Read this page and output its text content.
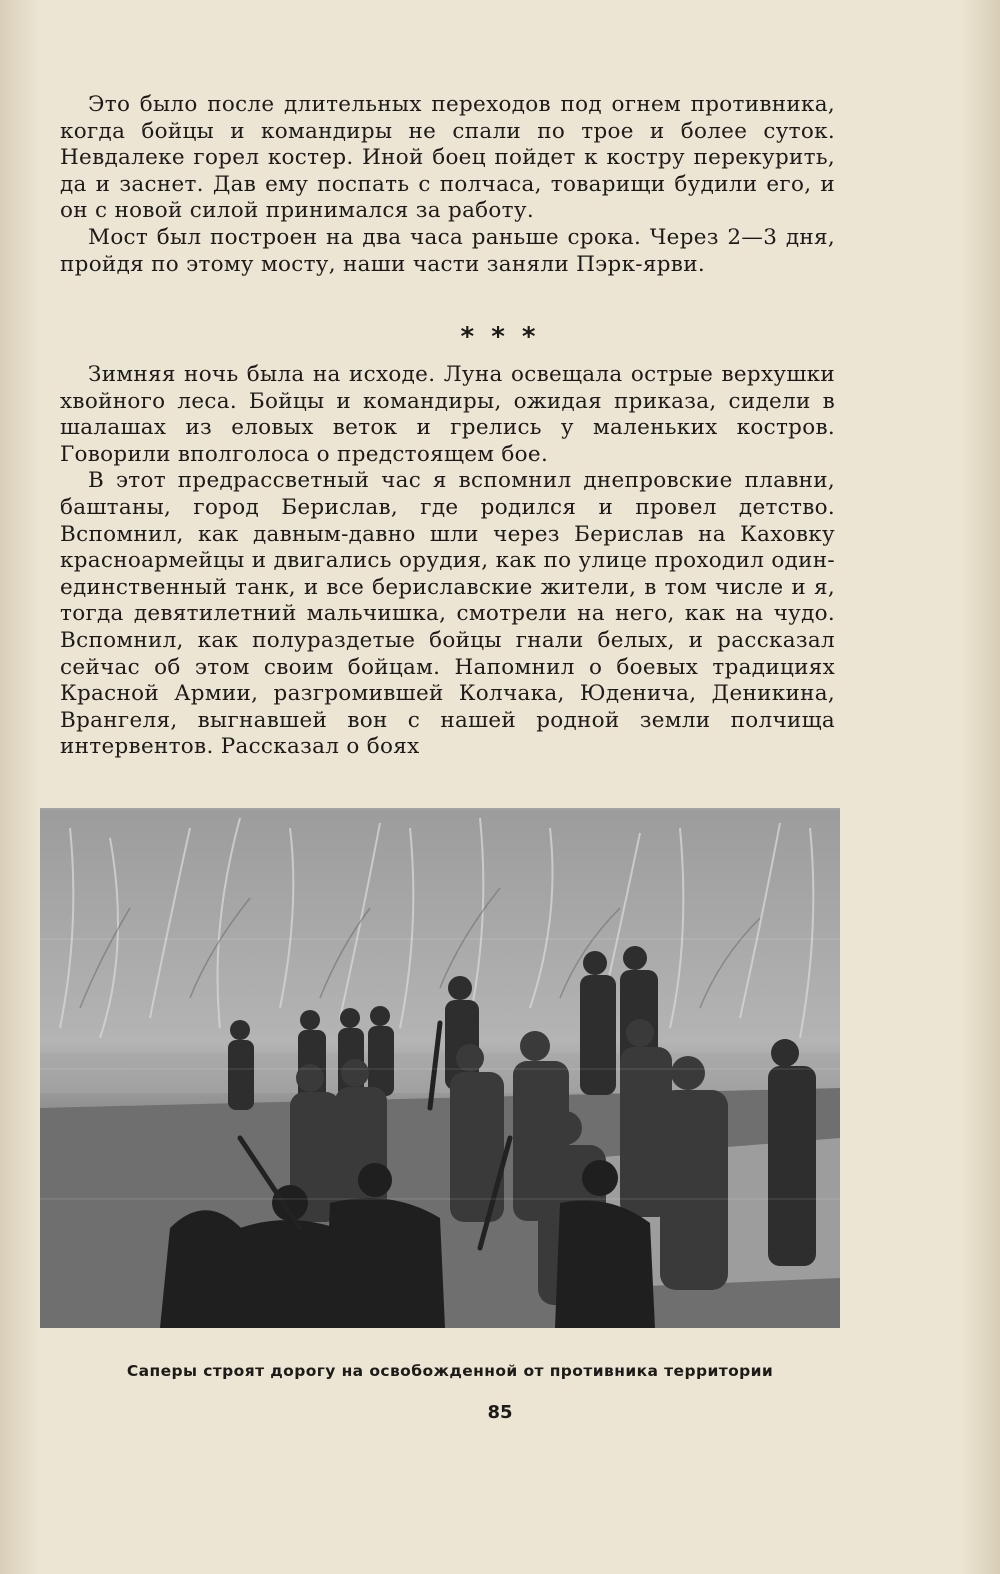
Это было после длительных переходов под огнем противника, когда бойцы и командиры не спали по трое и более суток. Невдалеке горел костер. Иной боец пойдет к костру перекурить, да и заснет. Дав ему поспать с полчаса, товарищи будили его, и он с новой силой принимался за работу.

Мост был построен на два часа раньше срока. Через 2—3 дня, пройдя по этому мосту, наши части заняли Пэрк-ярви.

* * *

Зимняя ночь была на исходе. Луна освещала острые верхушки хвойного леса. Бойцы и командиры, ожидая приказа, сидели в шалашах из еловых веток и грелись у маленьких костров. Говорили вполголоса о предстоящем бое.

В этот предрассветный час я вспомнил днепровские плавни, баштаны, город Берислав, где родился и провел детство. Вспомнил, как давным-давно шли через Берислав на Каховку красноармейцы и двигались орудия, как по улице проходил один-единственный танк, и все бериславские жители, в том числе и я, тогда девятилетний мальчишка, смотрели на него, как на чудо. Вспомнил, как полураздетые бойцы гнали белых, и рассказал сейчас об этом своим бойцам. Напомнил о боевых традициях Красной Армии, разгромившей Колчака, Юденича, Деникина, Врангеля, выгнавшей вон с нашей родной земли полчища интервентов. Рассказал о боях

Саперы строят дорогу на освобожденной от противника территории
85
